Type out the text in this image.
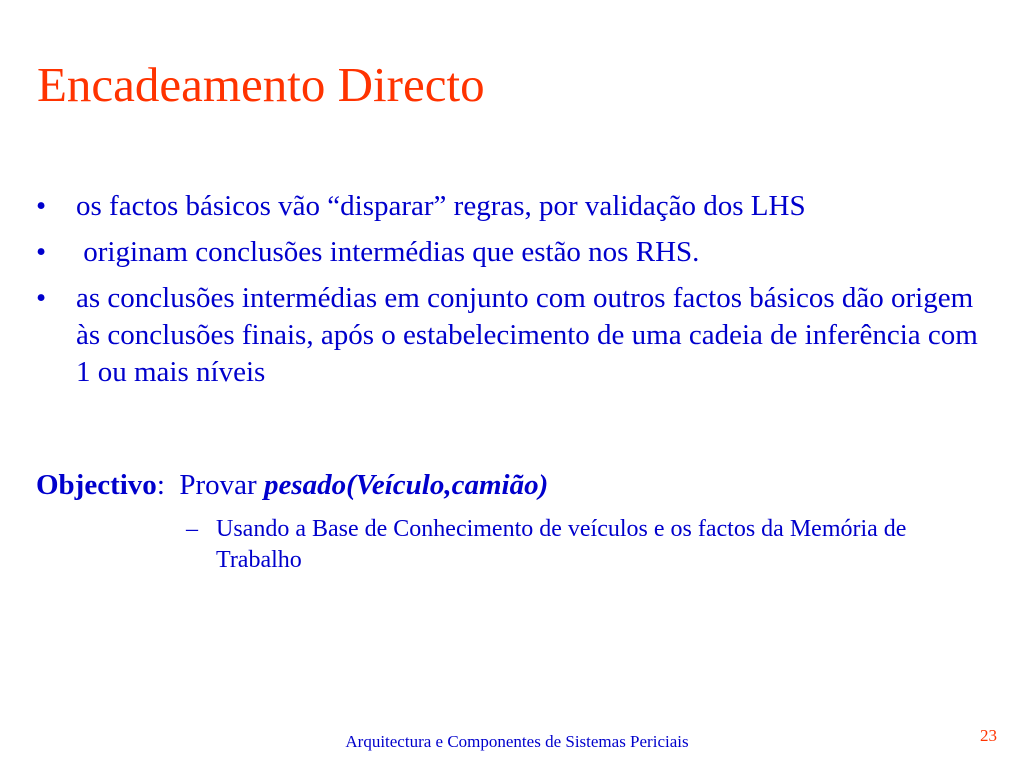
Encadeamento Directo
• os factos básicos vão “disparar” regras, por validação dos LHS
• originam conclusões intermédias que estão nos RHS.
• as conclusões intermédias em conjunto com outros factos básicos dão origem às conclusões finais, após o estabelecimento de uma cadeia de inferência com 1 ou mais níveis

Objectivo:  Provar pesado(Veículo,camião)

– Usando a Base de Conhecimento de veículos e os factos da Memória de Trabalho

Arquitectura e Componentes de Sistemas Periciais	23
